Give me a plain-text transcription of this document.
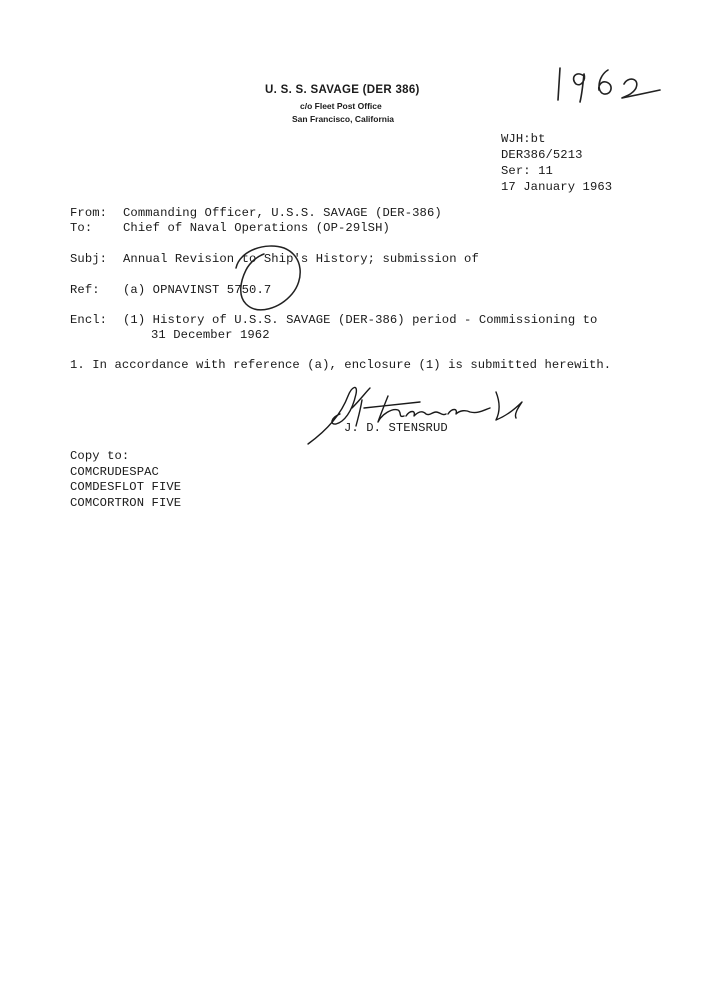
U. S. S. SAVAGE (DER 386)
c/o Fleet Post Office
San Francisco, California
WJH:bt
DER386/5213
Ser: 11
17 January 1963
From: Commanding Officer, U.S.S. SAVAGE (DER-386)
To:	Chief of Naval Operations (OP-29lSH)
Subj: Annual Revision to Ship's History; submission of
Ref: (a) OPNAVINST 5750.7
Encl: (1) History of U.S.S. SAVAGE (DER-386) period - Commissioning to
31 December 1962
1. In accordance with reference (a), enclosure (1) is submitted herewith.
J. D. STENSRUD
Copy to:
COMCRUDESPAC
COMDESFLOT FIVE
COMCORTRON FIVE
